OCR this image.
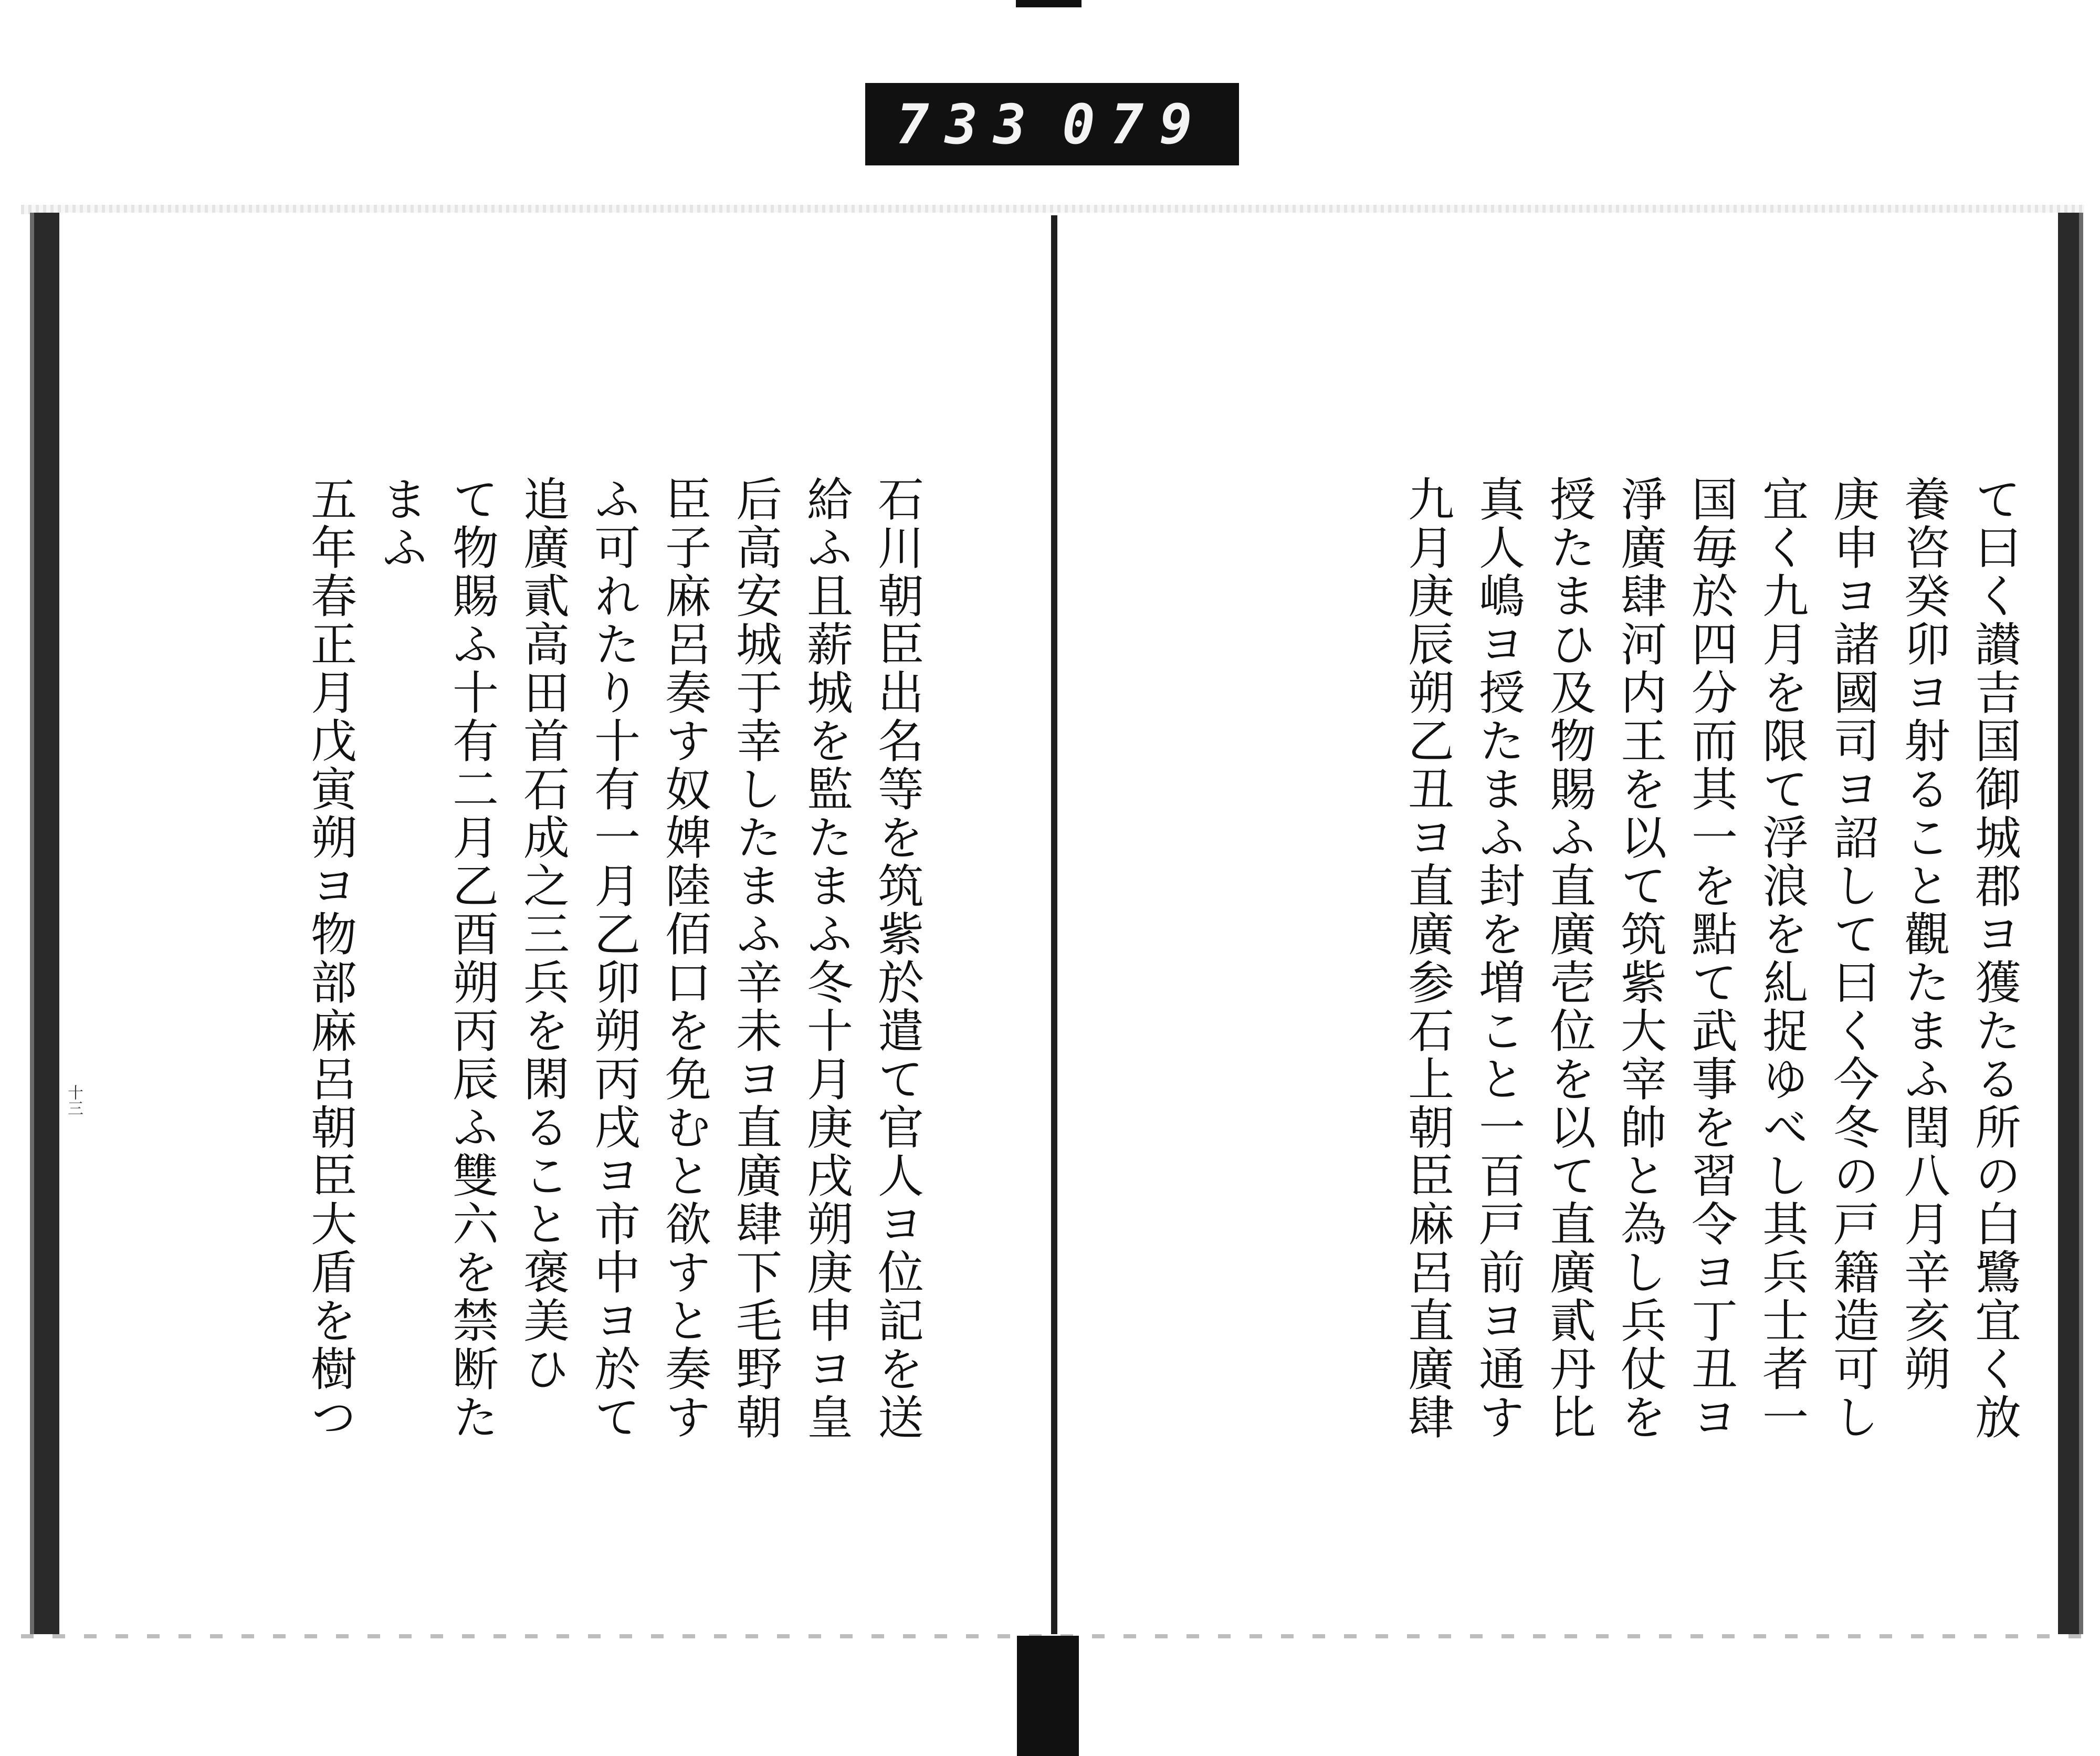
733 079
て曰く讃吉国御城郡ヨ獲たる所の白鷺宜く放
養咨癸卯ヨ射ること觀たまふ閏八月辛亥朔
庚申ヨ諸國司ヨ詔して曰く今冬の戸籍造可し
宜く九月を限て浮浪を糺捉ゆべし其兵士者一
国毎於四分而其一を點て武事を習令ヨ丁丑ヨ
淨廣肆河内王を以て筑紫大宰帥と為し兵仗を
授たまひ及物賜ふ直廣壱位を以て直廣貳丹比
真人嶋ヨ授たまふ封を増こと一百戸前ヨ通す
九月庚辰朔乙丑ヨ直廣参石上朝臣麻呂直廣肆
石川朝臣出名等を筑紫於遣て官人ヨ位記を送
給ふ且薪城を監たまふ冬十月庚戌朔庚申ヨ皇
后高安城于幸したまふ辛未ヨ直廣肆下毛野朝
臣子麻呂奏す奴婢陸佰口を免むと欲すと奏す
ふ可れたり十有一月乙卯朔丙戌ヨ市中ヨ於て
追廣貳高田首石成之三兵を閑ること褒美ひ
て物賜ふ十有二月乙酉朔丙辰ふ雙六を禁断た
まふ
五年春正月戊寅朔ヨ物部麻呂朝臣大盾を樹つ
十三
